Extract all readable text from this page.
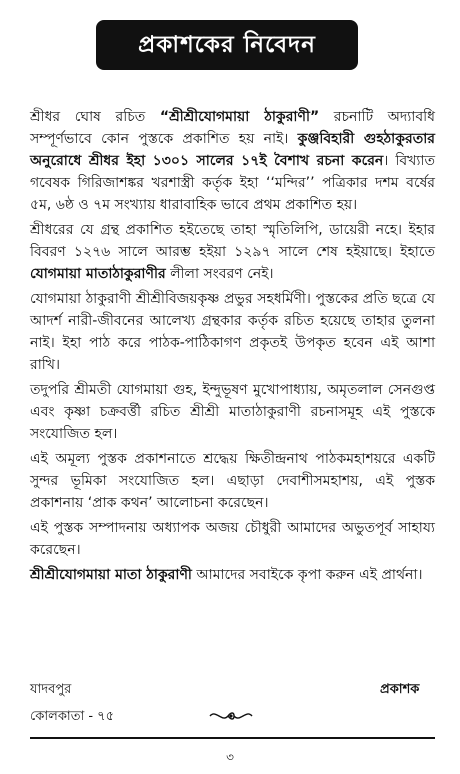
প্রকাশকের নিবেদন

শ্রীধর ঘোষ রচিত “শ্রীশ্রীযোগমায়া ঠাকুরাণী” রচনাটি অদ্যাবধি সম্পূর্ণভাবে কোন পুস্তকে প্রকাশিত হয় নাই। কুঞ্জবিহারী গুহঠাকুরতার অনুরোধে শ্রীধর ইহা ১৩০১ সালের ১৭ই বৈশাখ রচনা করেন। বিখ্যাত গবেষক গিরিজাশঙ্কর খরশাস্ত্রী কর্তৃক ইহা ‘‘মন্দির’’ পত্রিকার দশম বর্ষের ৫ম, ৬ষ্ঠ ও ৭ম সংখ্যায় ধারাবাহিক ভাবে প্রথম প্রকাশিত হয়।

শ্রীধরের যে গ্রন্থ প্রকাশিত হইতেছে তাহা স্মৃতিলিপি, ডায়েরী নহে। ইহার বিবরণ ১২৭৬ সালে আরম্ভ হইয়া ১২৯৭ সালে শেষ হইয়াছে। ইহাতে যোগমায়া মাতাঠাকুরাণীর লীলা সংবরণ নেই।

যোগমায়া ঠাকুরাণী শ্রীশ্রীবিজয়কৃষ্ণ প্রভুর সহধর্মিণী। পুস্তকের প্রতি ছত্রে যে আদর্শ নারী-জীবনের আলেখ্য গ্রন্থকার কর্তৃক রচিত হয়েছে তাহার তুলনা নাই। ইহা পাঠ করে পাঠক-পাঠিকাগণ প্রকৃতই উপকৃত হবেন এই আশা রাখি।

তদুপরি শ্রীমতী যোগমায়া গুহ, ইন্দুভূষণ মুখোপাধ্যায়, অমৃতলাল সেনগুপ্ত এবং কৃষ্ণা চক্রবর্ত্তী রচিত শ্রীশ্রী মাতাঠাকুরাণী রচনাসমূহ এই পুস্তকে সংযোজিত হল।

এই অমূল্য পুস্তক প্রকাশনাতে শ্রদ্ধেয় ক্ষিতীন্দ্রনাথ পাঠকমহাশয়রে একটি সুন্দর ভূমিকা সংযোজিত হল। এছাড়া দেবাশীসমহাশয়, এই পুস্তক প্রকাশনায় ‘প্রাক কথন’ আলোচনা করেছেন।

এই পুস্তক সম্পাদনায় অধ্যাপক অজয় চৌধুরী আমাদের অভুতপূর্ব সাহায্য করেছেন।

শ্রীশ্রীযোগমায়া মাতা ঠাকুরাণী আমাদের সবাইকে কৃপা করুন এই প্রার্থনা।

যাদবপুর	প্রকাশক
কোলকাতা - ৭৫
৩
